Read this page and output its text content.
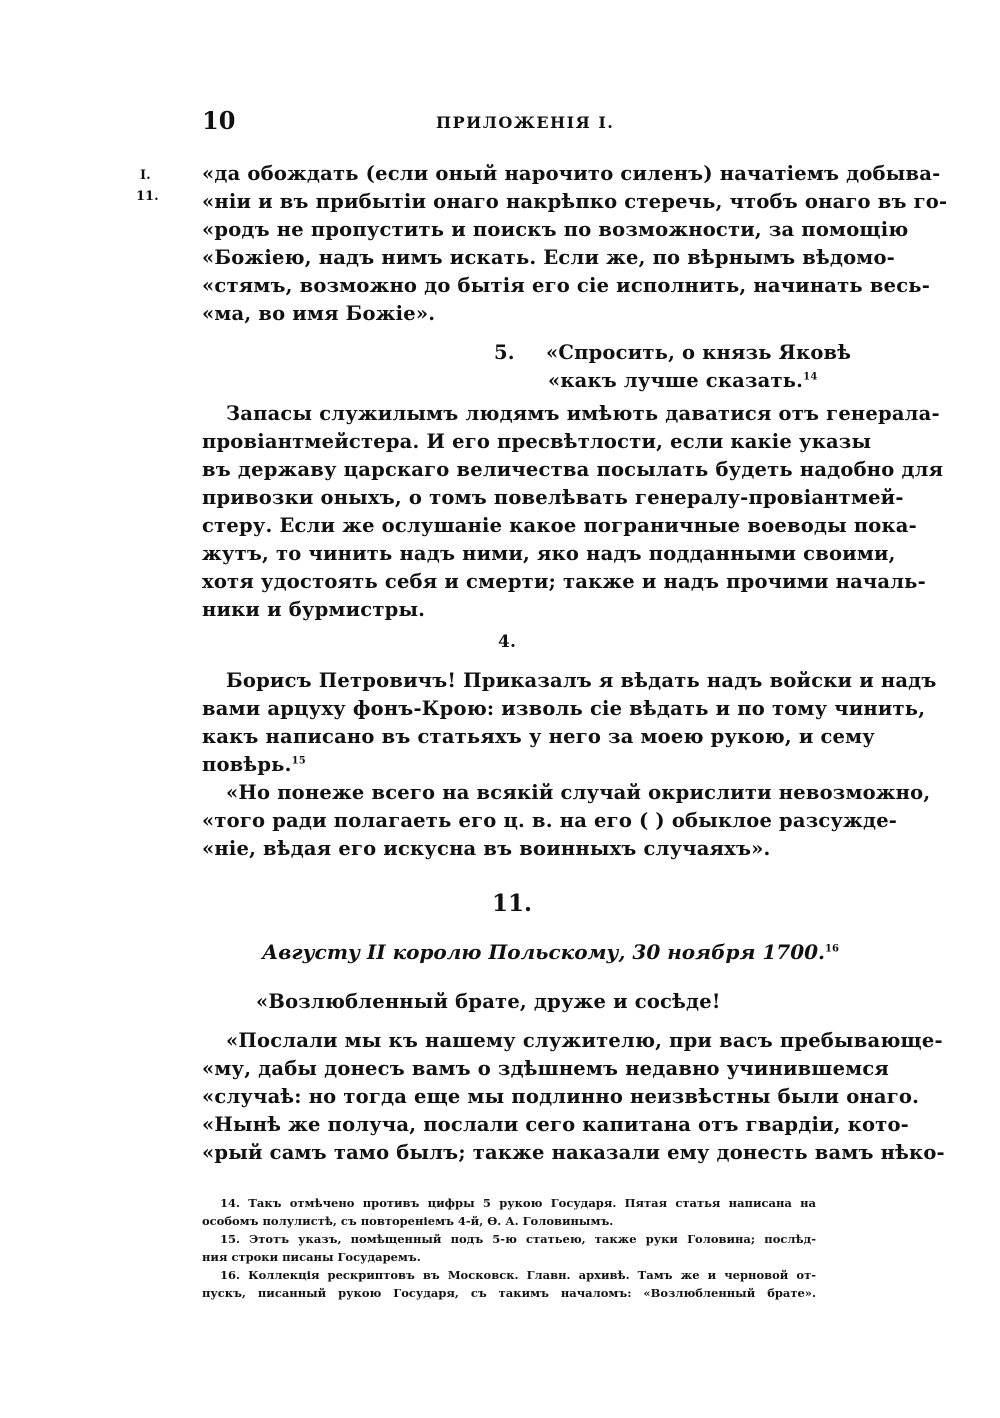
10	ПРИЛОЖЕНІЯ I.
I.
11.

«да обождать (если оный нарочито силенъ) начатіемъ добыва-

«ніи и въ прибытіи онаго накрѣпко стеречь, чтобъ онаго въ го-

«родъ не пропустить и поискъ по возможности, за помощію

«Божіею, надъ нимъ искать. Если же, по вѣрнымъ вѣдомо-

«стямъ, возможно до бытія его сіе исполнить, начинать весь-

«ма, во имя Божіе».

5. «Спросить, о князь Яковѣ
«какъ лучше сказать.$^{14}$

Запасы служилымъ людямъ имѣють даватися отъ генерала-

провіантмейстера. И его пресвѣтлости, если какіе указы

въ державу царскаго величества посылать будеть надобно для

привозки оныхъ, о томъ повелѣвать генералу-провіантмей-

стеру. Если же ослушаніе какое пограничные воеводы пока-

жутъ, то чинить надъ ними, яко надъ подданными своими,

хотя удостоять себя и смерти; также и надъ прочими началь-

ники и бурмистры.

4.

Борисъ Петровичъ! Приказалъ я вѣдать надъ войски и надъ

вами арцуху фонъ-Крою: изволь сіе вѣдать и по тому чинить,

какъ написано въ статьяхъ у него за моею рукою, и сему

повѣрь.$^{15}$

«Но понеже всего на всякій случай окрислити невозможно,

«того ради полагаеть его ц. в. на его ( ) обыклое разсужде-

«ніе, вѣдая его искусна въ воинныхъ случаяхъ».

11.
Августу II королю Польскому, 30 ноября 1700.16
«Возлюбленный брате, друже и сосѣде!

«Послали мы къ нашему служителю, при васъ пребывающе-

«му, дабы донесъ вамъ о здѣшнемъ недавно учинившемся

«случаѣ: но тогда еще мы подлинно неизвѣстны были онаго.

«Нынѣ же получа, послали сего капитана отъ гвардіи, кото-

«рый самъ тамо былъ; также наказали ему донесть вамъ нѣко-

14. Такъ отмѣчено противъ цифры 5 рукою Государя. Пятая статья написана на

особомъ полулистѣ, съ повтореніемъ 4-й, Ѳ. А. Головинымъ.

15. Этотъ указъ, помѣщенный подъ 5-ю статьею, также руки Головина; послѣд-

ния строки писаны Государемъ.

16. Коллекція рескриптовъ въ Московск. Главн. архивѣ. Тамъ же и черновой от-

пускъ, писанный рукою Государя, съ такимъ началомъ: «Возлюбленный брате».
